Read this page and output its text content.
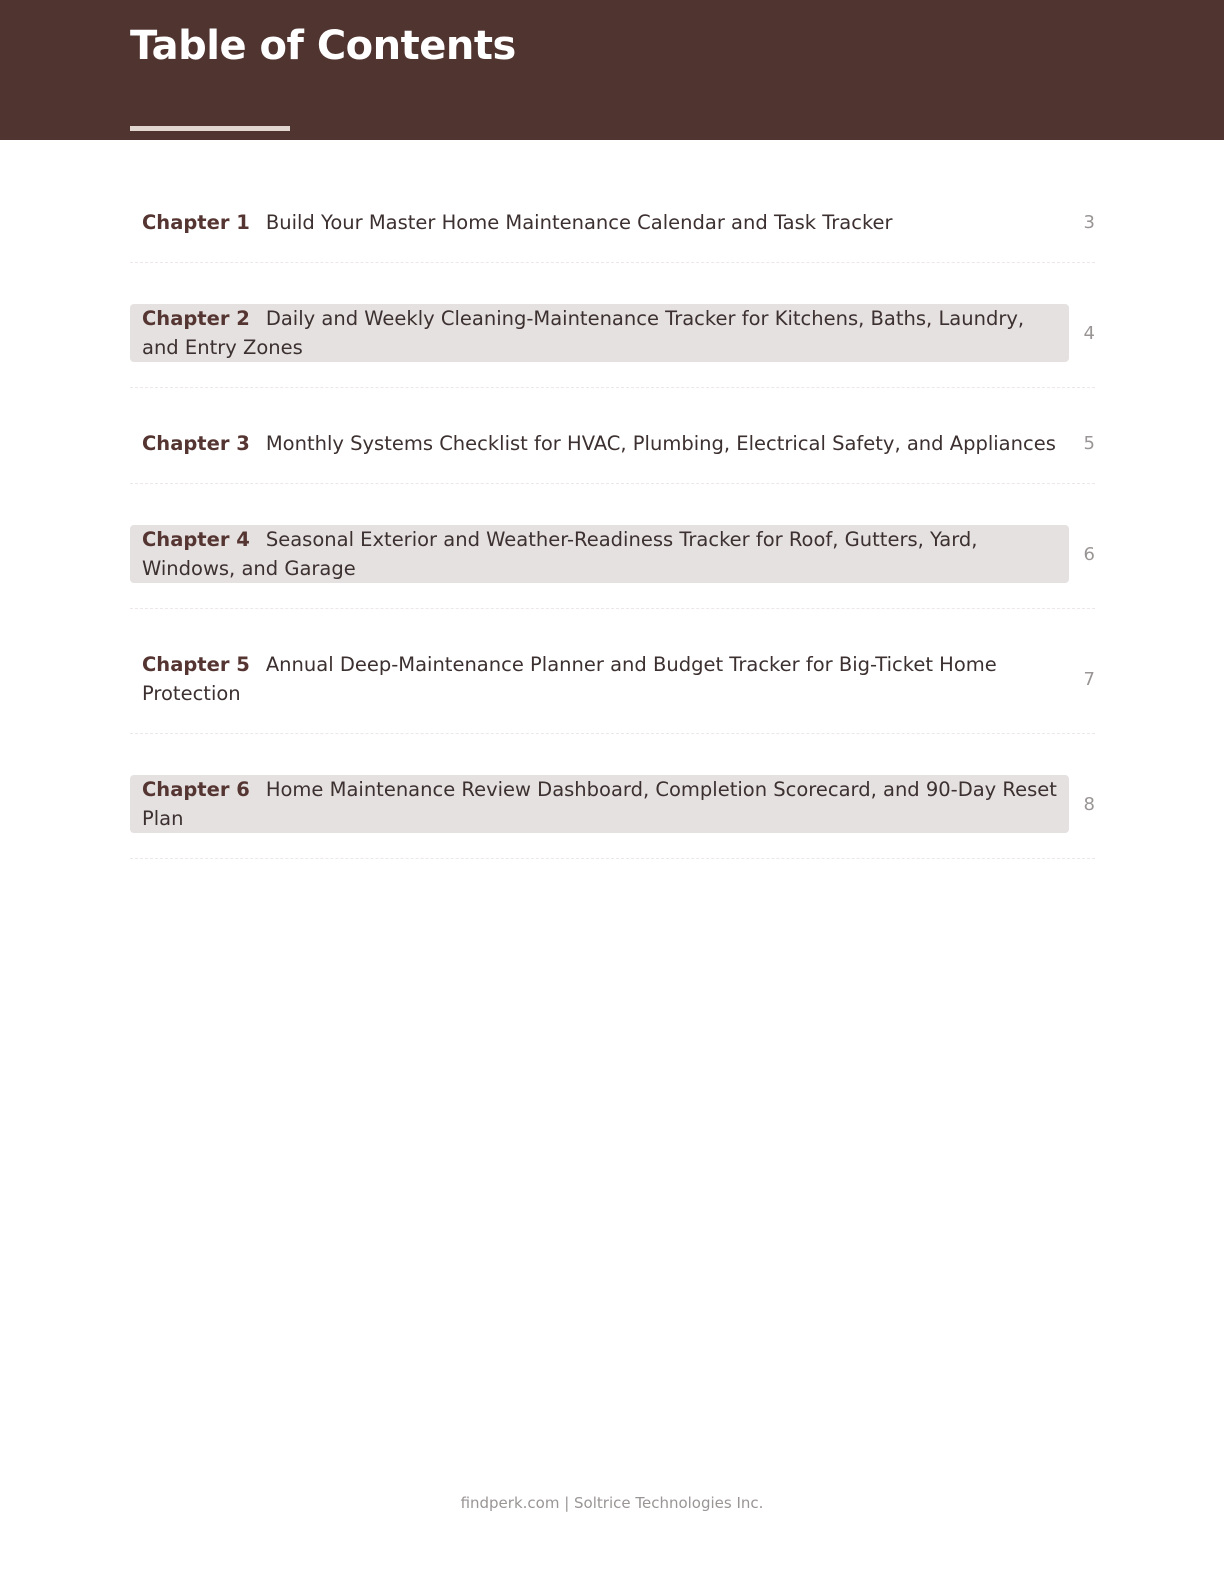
Table of Contents
Chapter 1 Build Your Master Home Maintenance Calendar and Task Tracker	3
Chapter 2 Daily and Weekly Cleaning-Maintenance Tracker for Kitchens, Baths, Laundry, and Entry Zones
4
Chapter 3 Monthly Systems Checklist for HVAC, Plumbing, Electrical Safety, and Appliances	5
Chapter 4 Seasonal Exterior and Weather-Readiness Tracker for Roof, Gutters, Yard, Windows, and Garage
6
Chapter 5 Annual Deep-Maintenance Planner and Budget Tracker for Big-Ticket Home Protection
7
Chapter 6 Home Maintenance Review Dashboard, Completion Scorecard, and 90-Day Reset Plan
8
findperk.com | Soltrice Technologies Inc.
